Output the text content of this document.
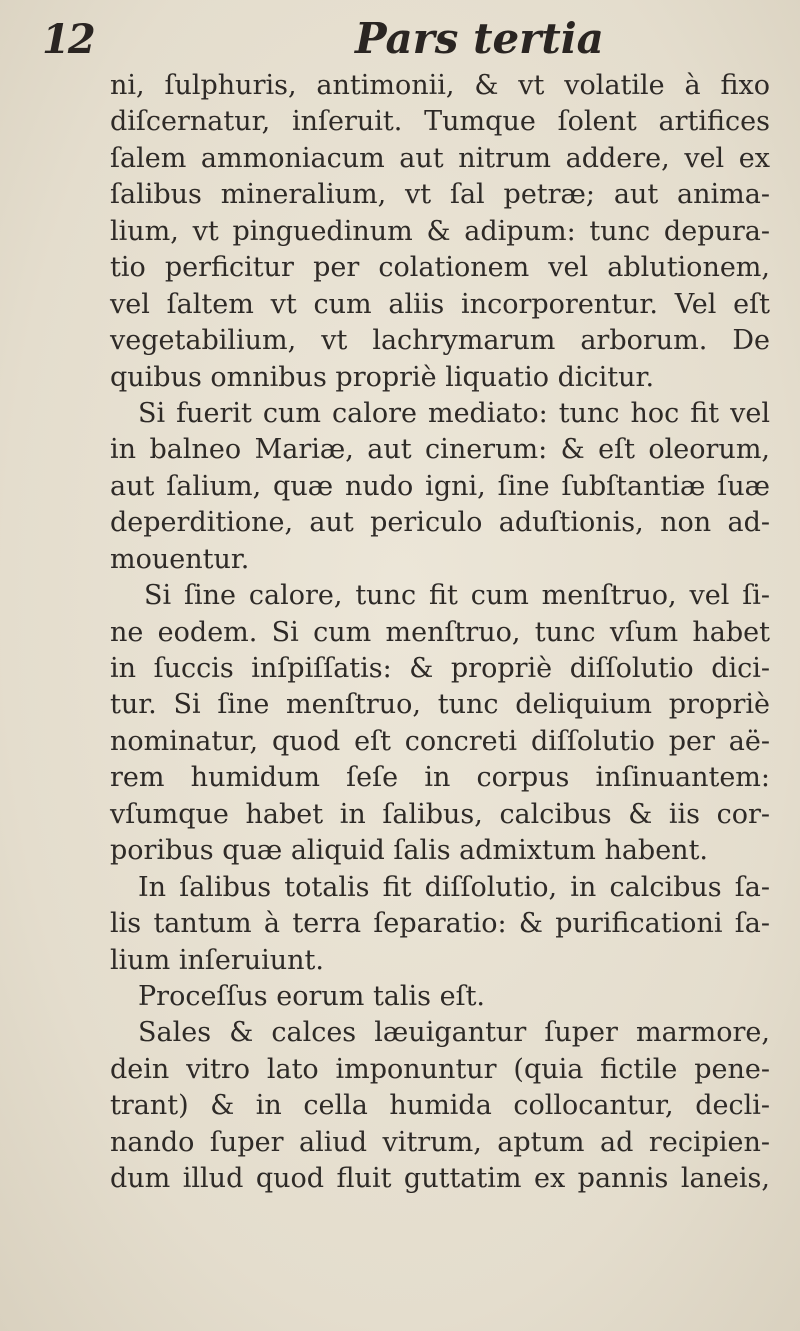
12	Pars tertia
ni, ſulphuris, antimonii, & vt volatile à fixo
diſcernatur, inſeruit. Tumque ſolent artifices
ſalem ammoniacum aut nitrum addere, vel ex
ſalibus mineralium, vt ſal petræ; aut anima-
lium, vt pinguedinum & adipum: tunc depura-
tio perficitur per colationem vel ablutionem,
vel ſaltem vt cum aliis incorporentur. Vel eſt
vegetabilium, vt lachrymarum arborum. De
quibus omnibus propriè liquatio dicitur.
Si fuerit cum calore mediato: tunc hoc fit vel
in balneo Mariæ, aut cinerum: & eſt oleorum,
aut ſalium, quæ nudo igni, ſine ſubſtantiæ ſuæ
deperditione, aut periculo aduſtionis, non ad-
mouentur.
Si ſine calore, tunc fit cum menſtruo, vel ſi-
ne eodem. Si cum menſtruo, tunc vſum habet
in ſuccis inſpiſſatis: & propriè diſſolutio dici-
tur. Si ſine menſtruo, tunc deliquium propriè
nominatur, quod eſt concreti diſſolutio per aë-
rem humidum ſeſe in corpus inſinuantem:
vſumque habet in ſalibus, calcibus & iis cor-
poribus quæ aliquid ſalis admixtum habent.
In ſalibus totalis fit diſſolutio, in calcibus ſa-
lis tantum à terra ſeparatio: & purificationi ſa-
lium inſeruiunt.
Proceſſus eorum talis eſt.
Sales & calces læuigantur ſuper marmore,
dein vitro lato imponuntur (quia fictile pene-
trant) & in cella humida collocantur, decli-
nando ſuper aliud vitrum, aptum ad recipien-
dum illud quod fluit guttatim ex pannis laneis,
